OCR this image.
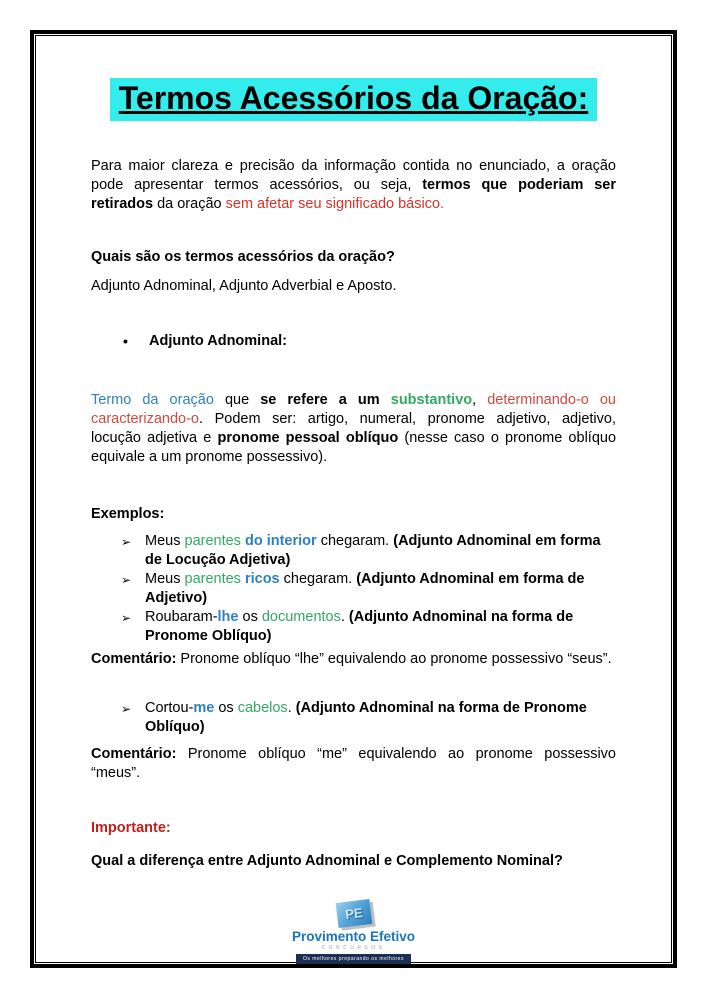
Termos Acessórios da Oração:

Para maior clareza e precisão da informação contida no enunciado, a oração pode apresentar termos acessórios, ou seja, termos que poderiam ser retirados da oração sem afetar seu significado básico.

Quais são os termos acessórios da oração?

Adjunto Adnominal, Adjunto Adverbial e Aposto.

•	Adjunto Adnominal:

Termo da oração que se refere a um substantivo, determinando-o ou caracterizando-o. Podem ser: artigo, numeral, pronome adjetivo, adjetivo, locução adjetiva e pronome pessoal oblíquo (nesse caso o pronome oblíquo equivale a um pronome possessivo).

Exemplos:

➢ Meus parentes do interior chegaram. (Adjunto Adnominal em forma de Locução Adjetiva)
➢ Meus parentes ricos chegaram. (Adjunto Adnominal em forma de Adjetivo)
➢ Roubaram-lhe os documentos. (Adjunto Adnominal na forma de Pronome Oblíquo)

Comentário: Pronome oblíquo “lhe” equivalendo ao pronome possessivo “seus”.

➢ Cortou-me os cabelos. (Adjunto Adnominal na forma de Pronome Oblíquo)

Comentário: Pronome oblíquo “me” equivalendo ao pronome possessivo “meus”.

Importante:

Qual a diferença entre Adjunto Adnominal e Complemento Nominal?

PE
Provimento Efetivo
CONCURSOS
Os melhores preparando os melhores
